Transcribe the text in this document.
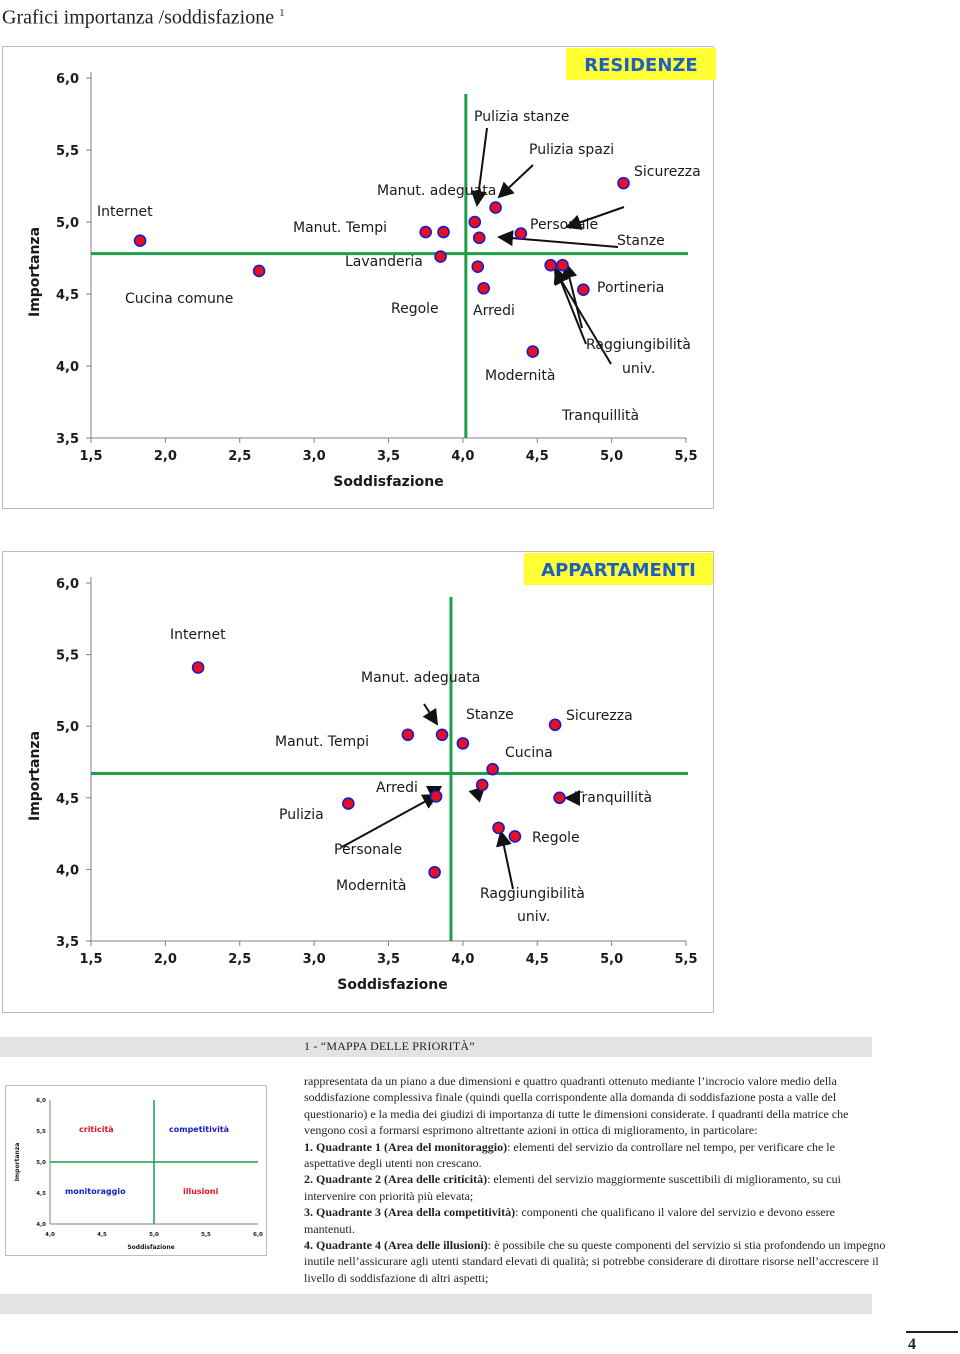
Grafici importanza /soddisfazione $^1$
RESIDENZE
1,5	2,0	2,5	3,0	3,5	4,0	4,5	5,0	5,5
3,5
4,0
4,5
5,0
5,5
6,0
Soddisfazione
Importanza
Internet
Cucina comune
Manut. Tempi
Manut. adeguata
Lavanderia
Regole Arredi
Pulizia stanze
Pulizia spazi
Personale
Stanze
Sicurezza
Portineria
Raggiungibilità
univ.
Modernità
Tranquillità
APPARTAMENTI
1,5	2,0	2,5	3,0	3,5	4,0	4,5	5,0	5,5
3,5
4,0
4,5
5,0
5,5
6,0
Soddisfazione
Importanza
Internet
Manut. adeguata
Stanze	Sicurezza
Manut. Tempi
Cucina
Arredi
Tranquillità
Pulizia
Regole
Personale
Modernità	Raggiungibilità
univ.
1 - “MAPPA DELLE PRIORITÀ”
4,0
4,5
5,0
5,5
6,0
4,0	4,5	5,0	5,5	6,0
criticità	competitività
monitoraggio	illusioni
Soddisfazione
Importanza

rappresentata da un piano a due dimensioni e quattro quadranti ottenuto mediante l’incrocio valore medio della soddisfazione complessiva finale (quindi quella corrispondente alla domanda di soddisfazione posta a valle del questionario) e la media dei giudizi di importanza di tutte le dimensioni considerate. I quadranti della matrice che vengono così a formarsi esprimono altrettante azioni in ottica di miglioramento, in particolare:

1. Quadrante 1 (Area del monitoraggio): elementi del servizio da controllare nel tempo, per verificare che le aspettative degli utenti non crescano.

2. Quadrante 2 (Area delle criticità): elementi del servizio maggiormente suscettibili di miglioramento, su cui intervenire con priorità più elevata;

3. Quadrante 3 (Area della competitività): componenti che qualificano il valore del servizio e devono essere mantenuti.

4. Quadrante 4 (Area delle illusioni): è possibile che su queste componenti del servizio si stia profondendo un impegno inutile nell’assicurare agli utenti standard elevati di qualità; si potrebbe considerare di dirottare risorse nell’accrescere il livello di soddisfazione di altri aspetti;

4
